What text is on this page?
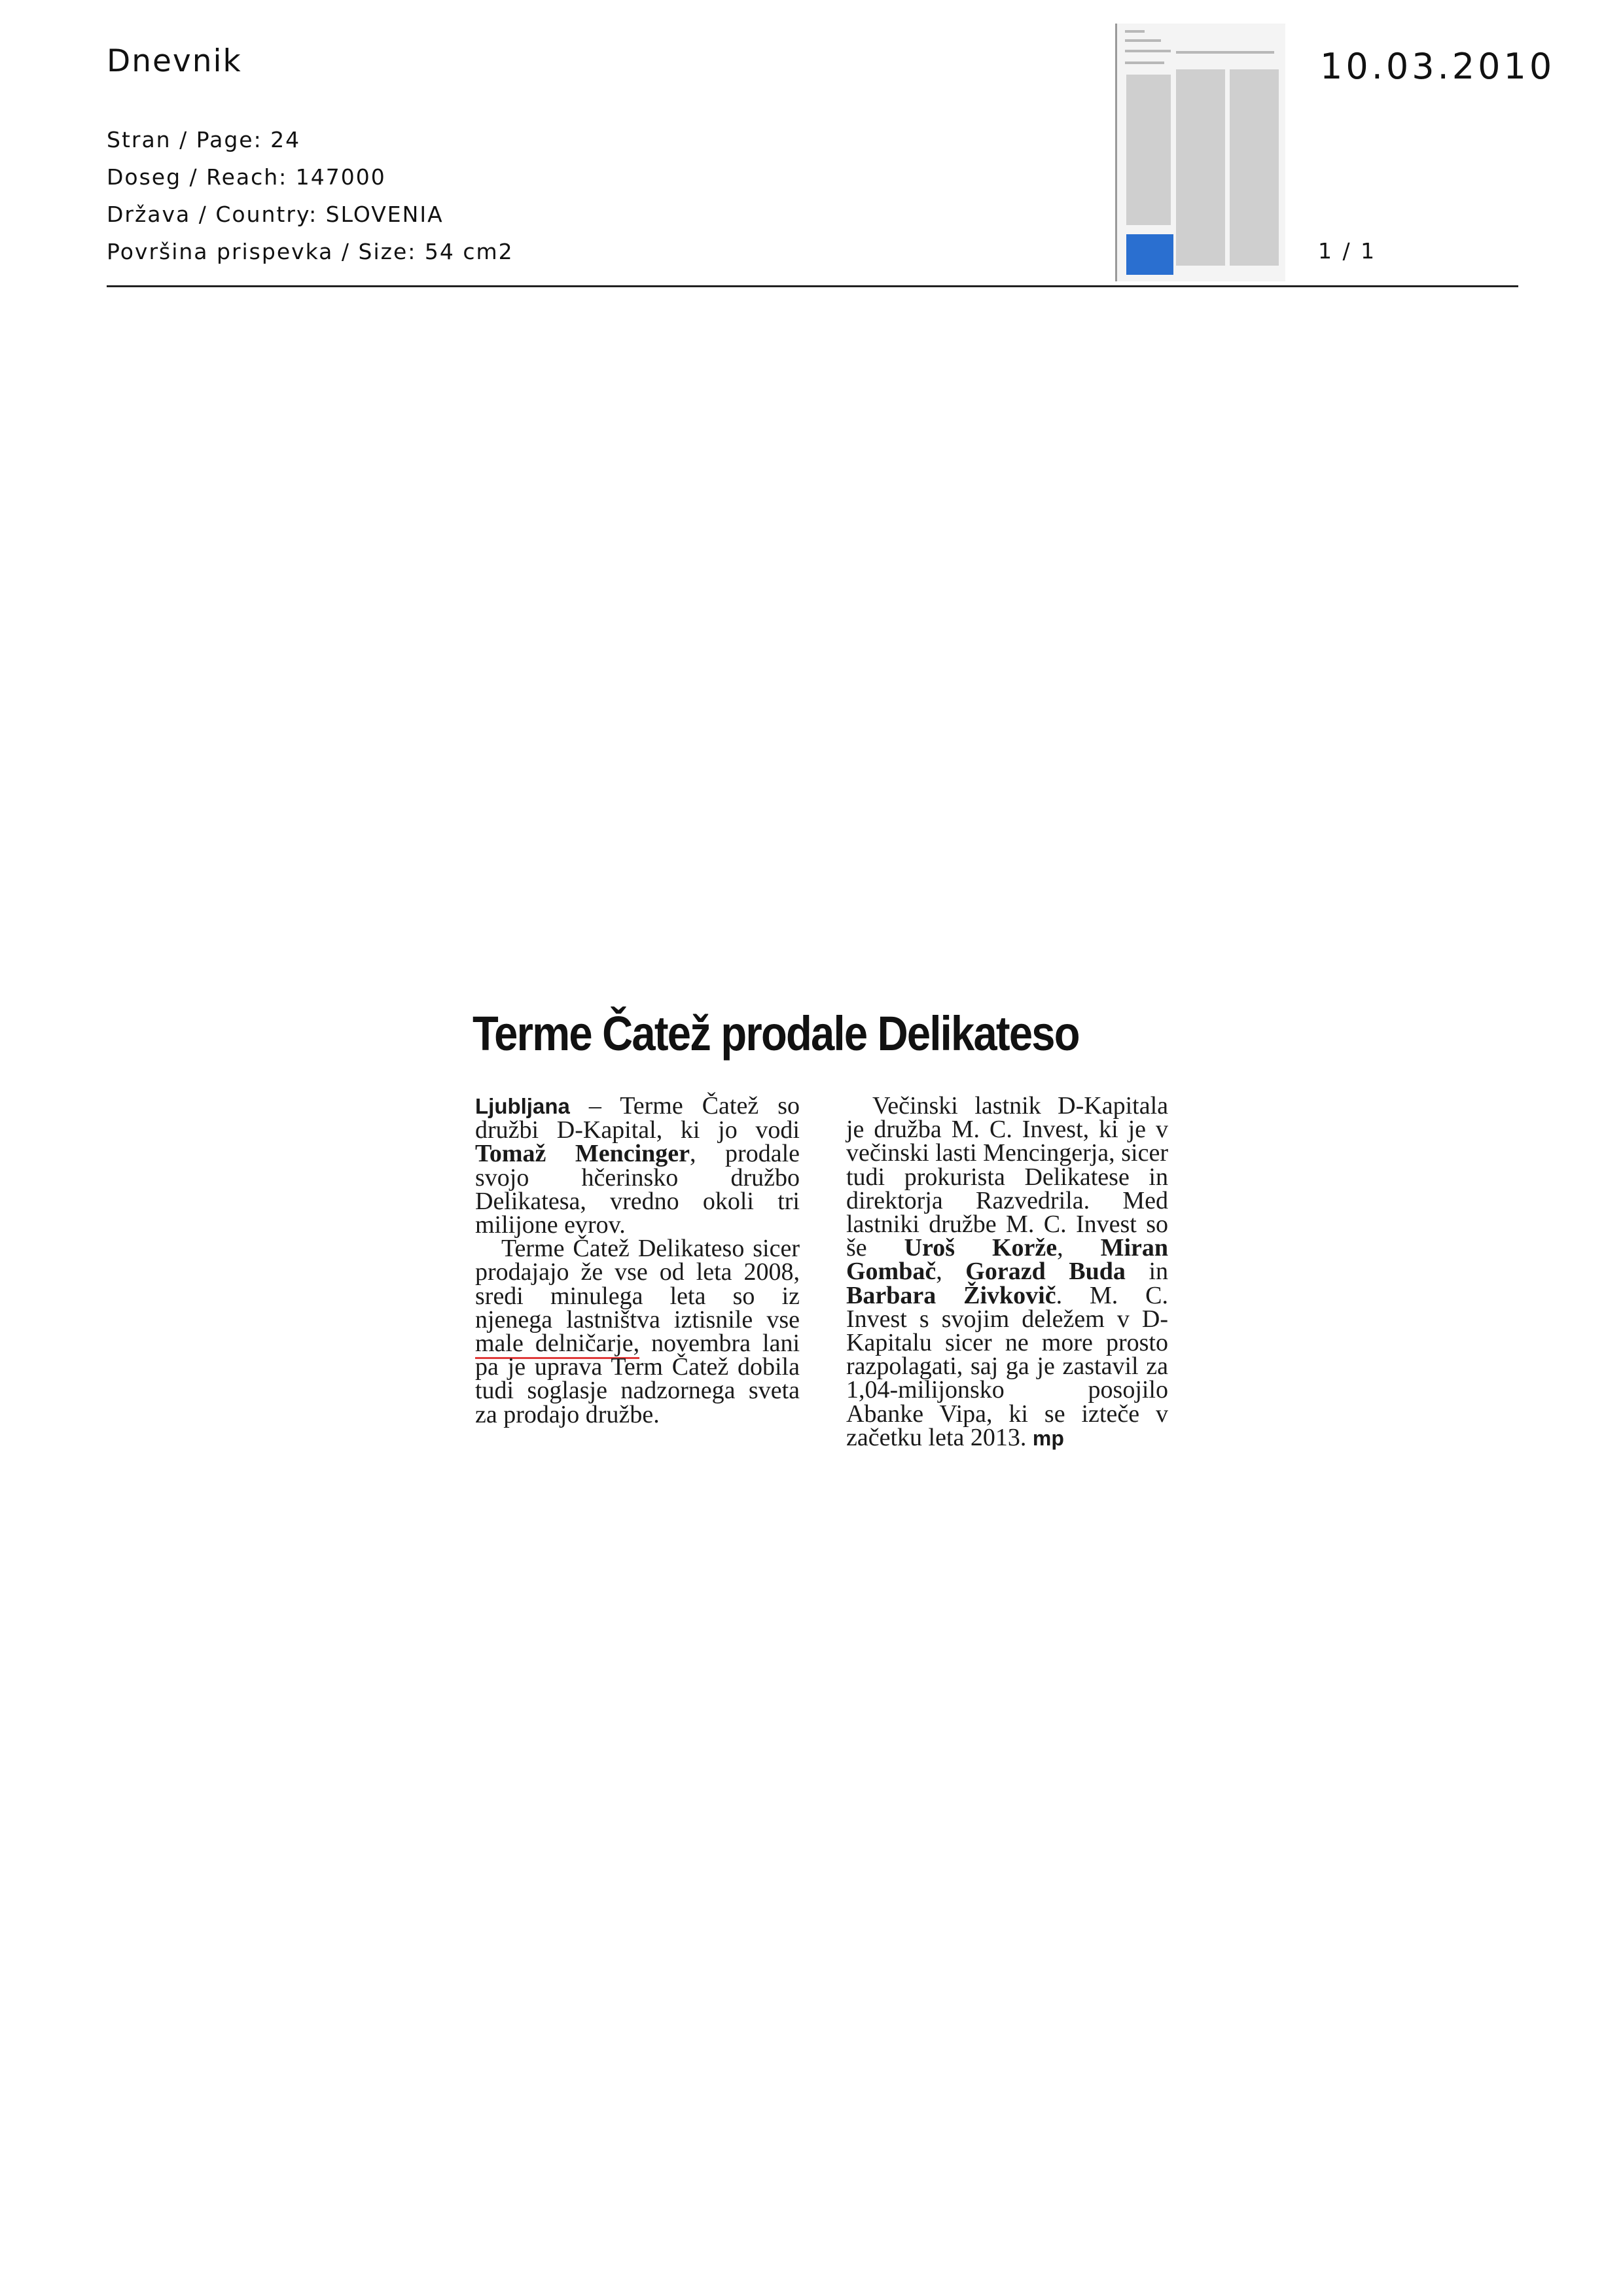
Dnevnik
Stran / Page: 24
Doseg / Reach: 147000
Država / Country: SLOVENIA
Površina prispevka / Size: 54 cm2
10.03.2010
1 / 1
Terme Čatež prodale Delikateso

Ljubljana – Terme Čatež so družbi D-Kapital, ki jo vodi Tomaž Mencinger, prodale svojo hčerinsko družbo Delikatesa, vredno okoli tri milijone evrov.

Terme Čatež Delikateso sicer prodajajo že vse od leta 2008, sredi minulega leta so iz njenega lastništva iztisnile vse male delničarje, novembra lani pa je uprava Term Čatež dobila tudi soglasje nadzornega sveta za prodajo družbe.

Večinski lastnik D-Kapitala je družba M. C. Invest, ki je v večinski lasti Mencingerja, sicer tudi prokurista Delikatese in direktorja Razvedrila. Med lastniki družbe M. C. Invest so še Uroš Korže, Miran Gombač, Gorazd Buda in Barbara Živkovič. M. C. Invest s svojim deležem v D-Kapitalu sicer ne more prosto razpolagati, saj ga je zastavil za 1,04-milijonsko posojilo Abanke Vipa, ki se izteče v začetku leta 2013. mp
